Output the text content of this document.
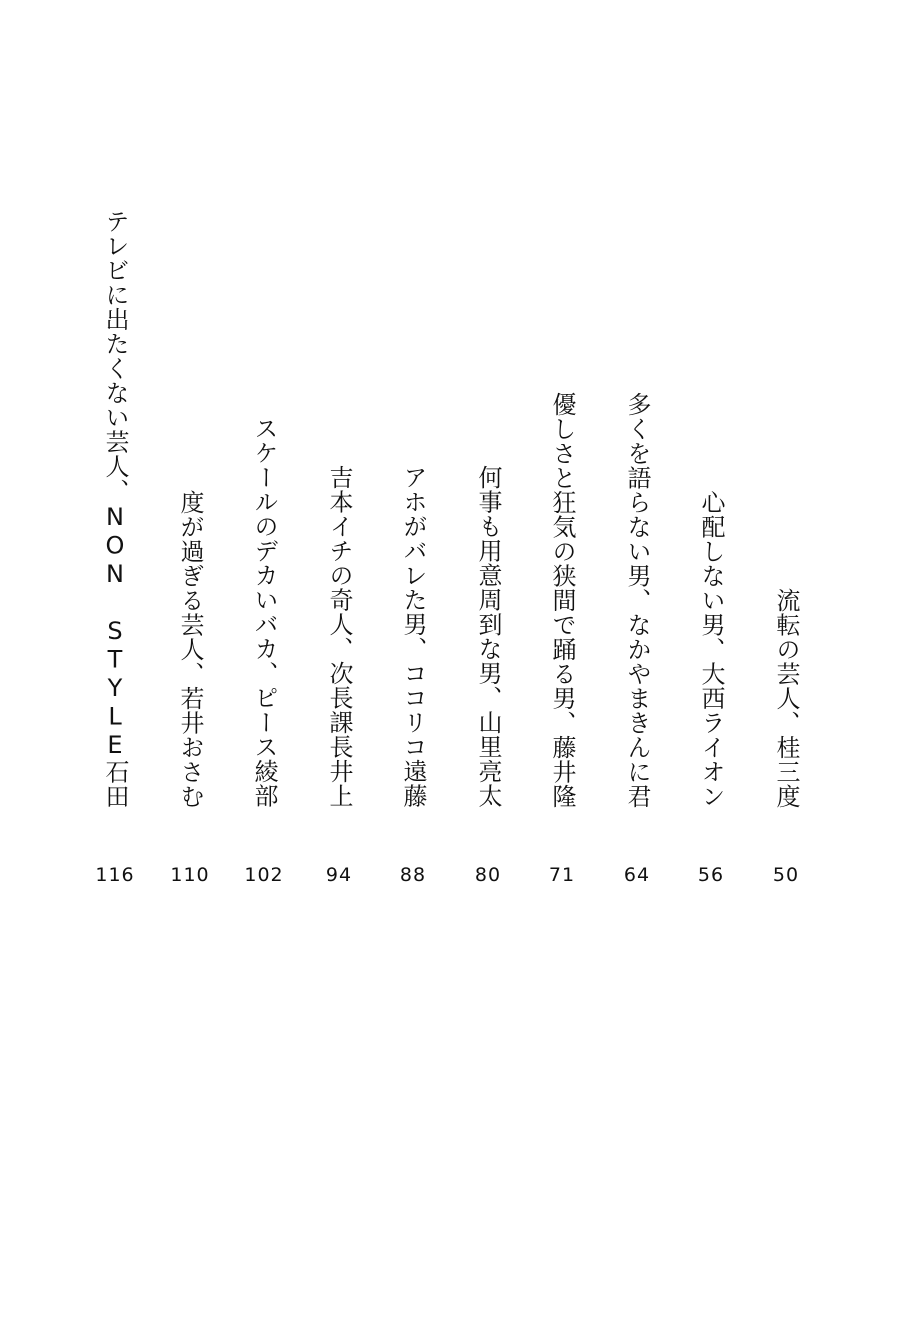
流転の芸人、桂三度
50
心配しない男、大西ライオン
56
多くを語らない男、なかやまきんに君
64
優しさと狂気の狭間で踊る男、藤井隆
71
何事も用意周到な男、山里亮太
80
アホがバレた男、ココリコ遠藤
88
吉本イチの奇人、次長課長井上
94
スケールのデカいバカ、ピース綾部
102
度が過ぎる芸人、若井おさむ
110
テレビに出たくない芸人、NON STYLE石田
116
